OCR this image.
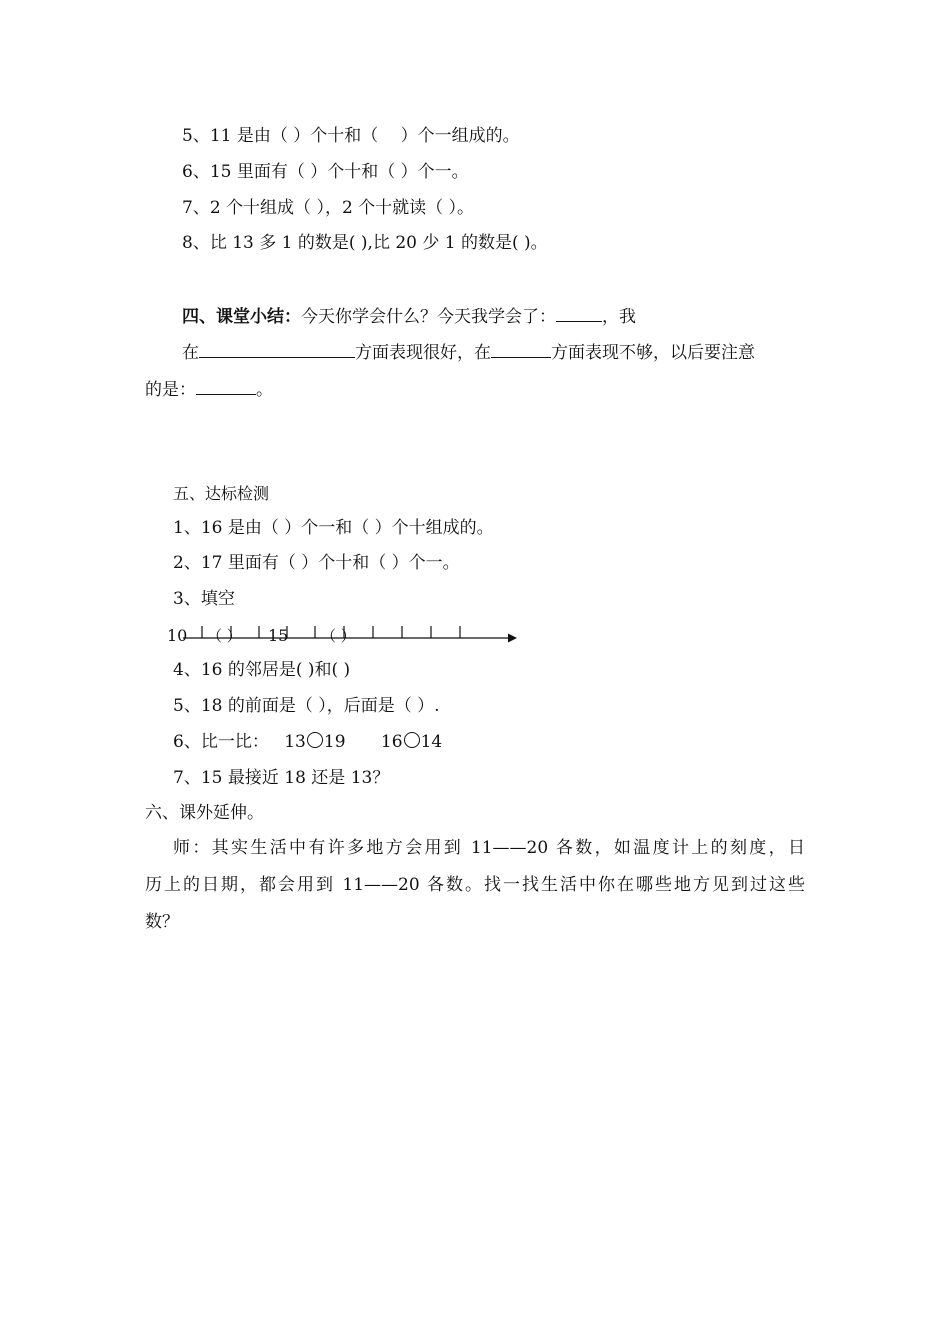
5、11 是由（ ）个十和（　 ）个一组成的。
6、15 里面有（ ）个十和（ ）个一。
7、2 个十组成（ ），2 个十就读（ ）。
8、比 13 多 1 的数是( ),比 20 少 1 的数是( )。
四、课堂小结：今天你学会什么？今天我学会了：	，我
在	方面表现很好，在	方面表现不够，以后要注意
的是：	。
五、达标检测
1、16 是由（ ）个一和（ ）个十组成的。
2、17 里面有（ ）个十和（ ）个一。
3、填空
10 （ ） 15 （ ）
4、16 的邻居是( )和( )
5、18 的前面是（ ），后面是（ ）.
6、比一比： 13 19 16 14
7、15 最接近 18 还是 13？
六、课外延伸。
师：其实生活中有许多地方会用到 11——20 各数，如温度计上的刻度，日
历上的日期，都会用到 11——20 各数。找一找生活中你在哪些地方见到过这些
数？
